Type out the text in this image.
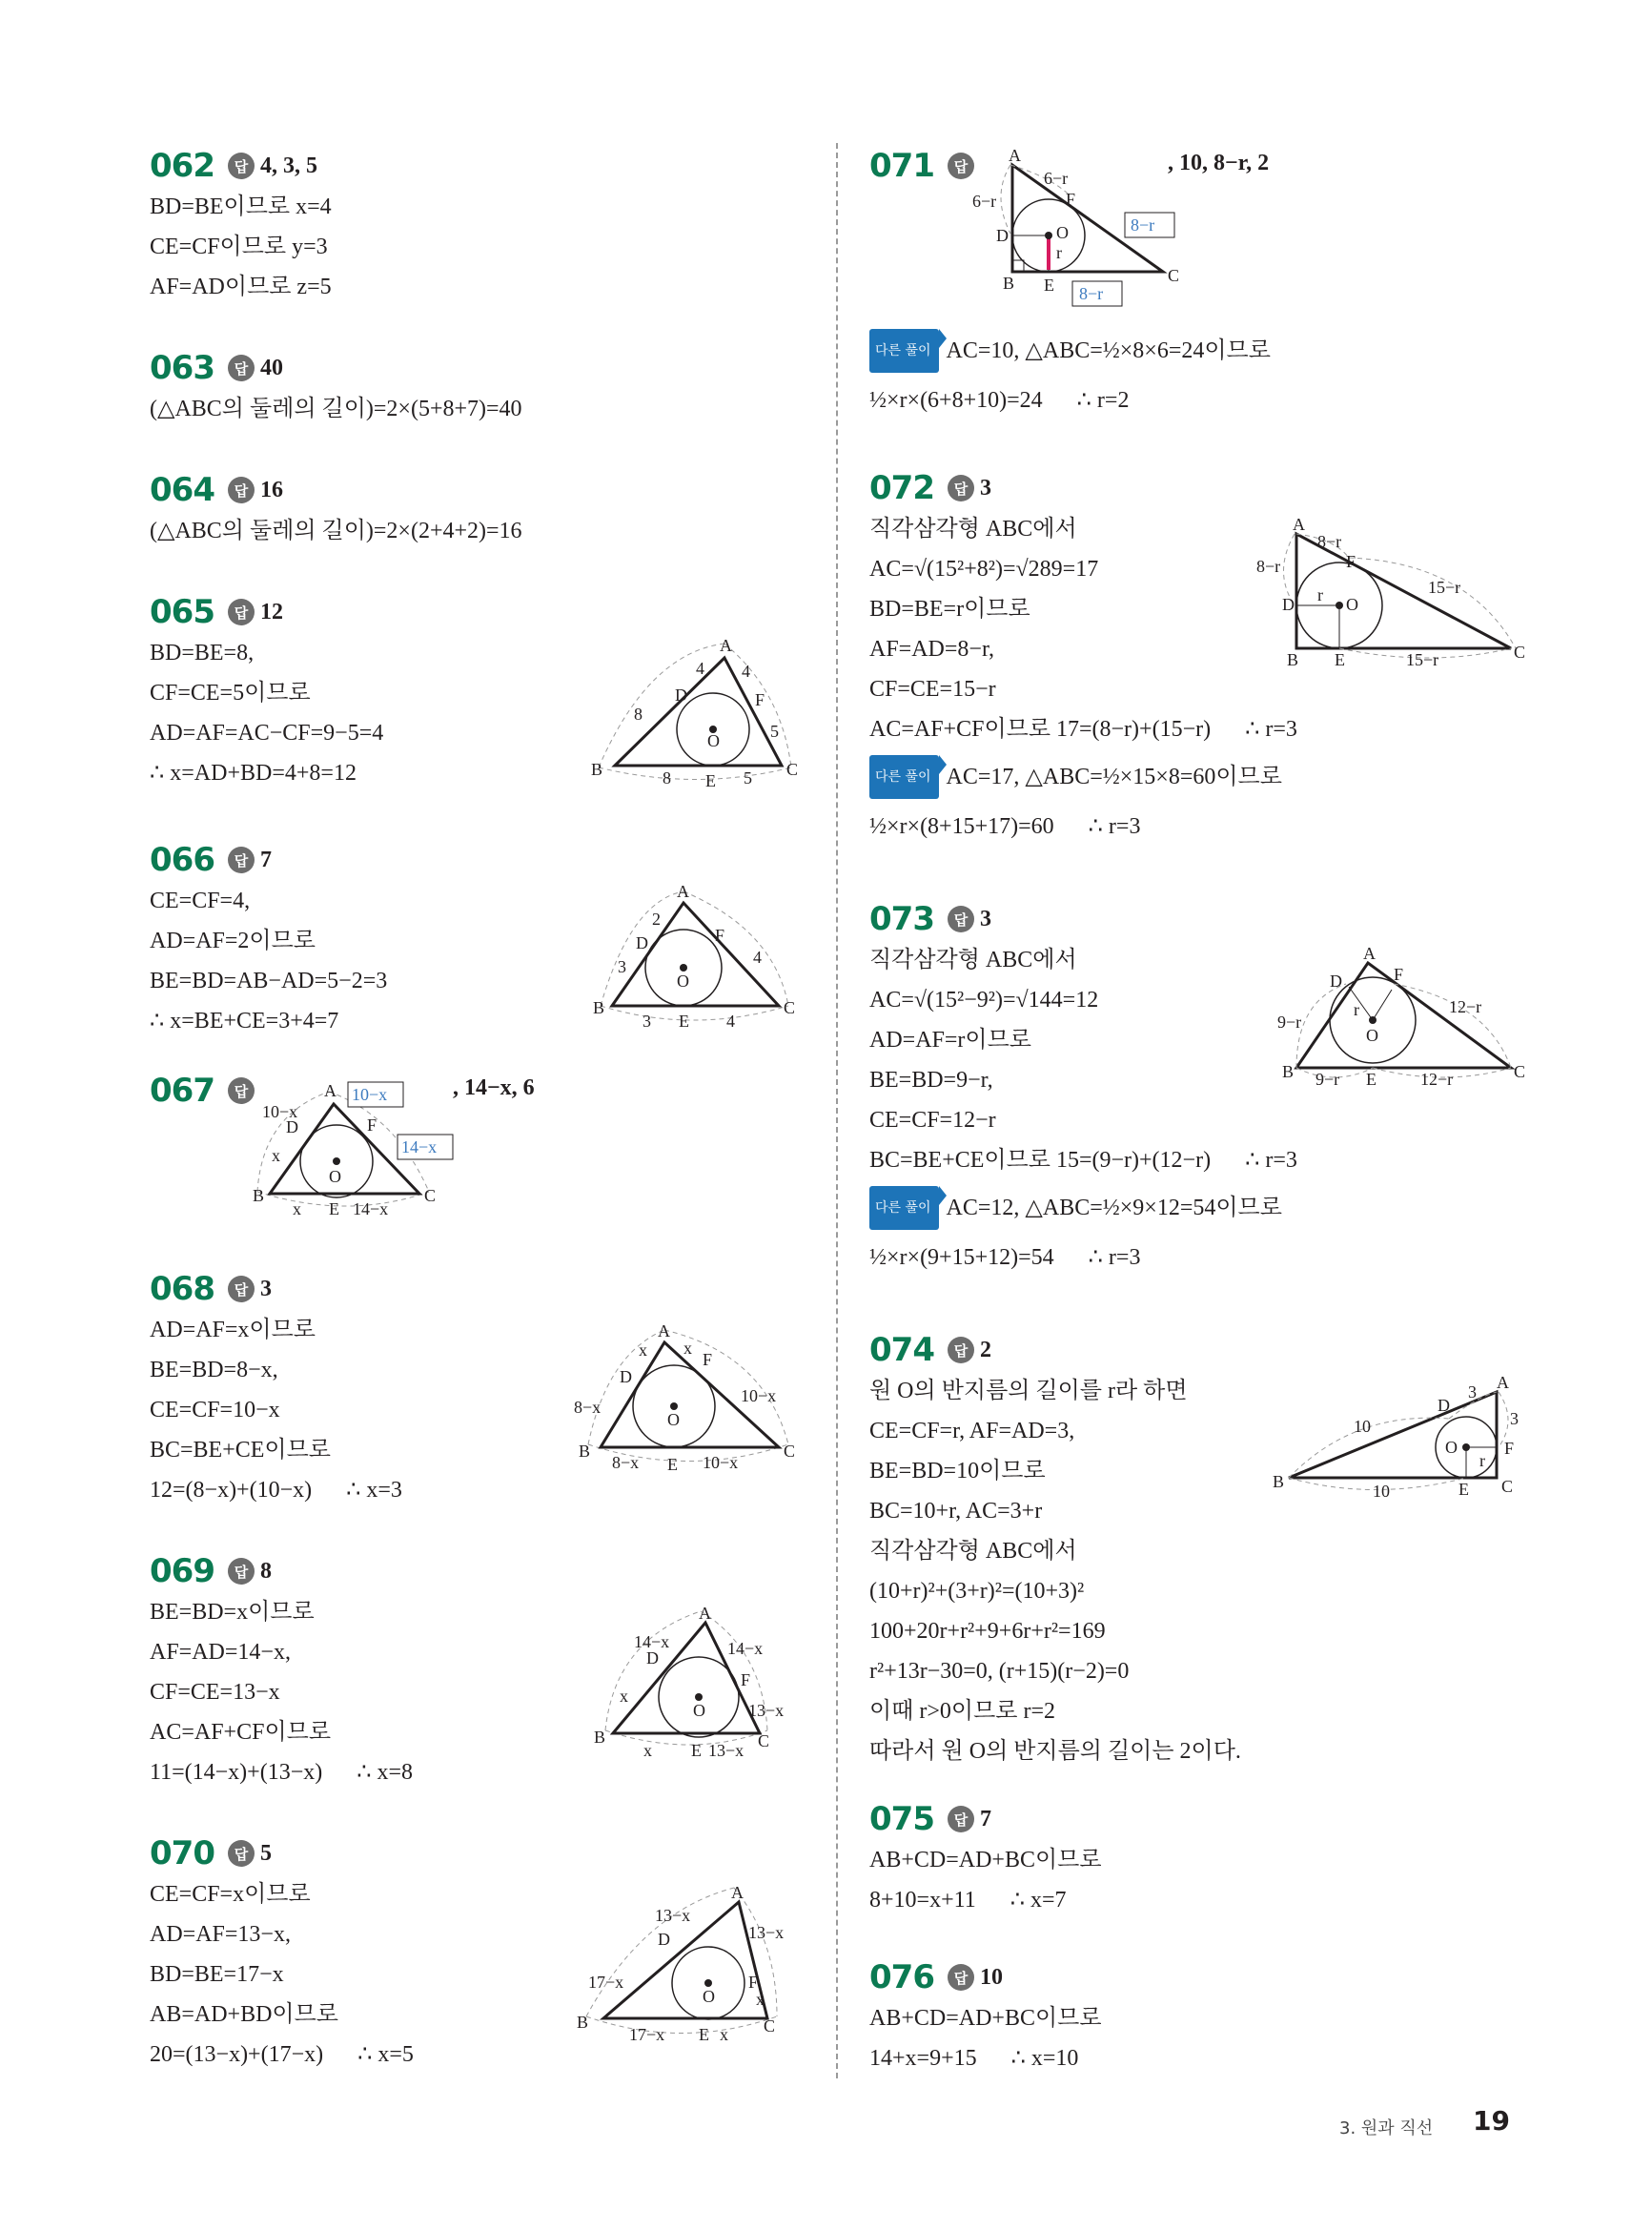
062	답 4, 3, 5
BD=BE이므로 x=4
CE=CF이므로 y=3
AF=AD이므로 z=5
063	답 40
(△ABC의 둘레의 길이)=2×(5+8+7)=40
064	답 16
(△ABC의 둘레의 길이)=2×(2+4+2)=16
065	답 12
BD=BE=8,
CF=CE=5이므로
AD=AF=AC−CF=9−5=4
∴ x=AD+BD=4+8=12
A
B	C
D
E
F
O
4 4
8
5
8	5
066	답 7
CE=CF=4,
AD=AF=2이므로
BE=BD=AB−AD=5−2=3
∴ x=BE+CE=3+4=7
A
B	C
D
E
F
O
2
3	4
3	4
067	답	, 14−x, 6
10−x
14−x
A
B	C
D
E
F
O
10−x
x
x	14−x
068	답 3
AD=AF=x이므로
BE=BD=8−x,
CE=CF=10−x
BC=BE+CE이므로
12=(8−x)+(10−x)      ∴ x=3
A
B	C
D
E
F
O
x x
8−x
10−x
8−x	10−x
069	답 8
BE=BD=x이므로
AF=AD=14−x,
CF=CE=13−x
AC=AF+CF이므로
11=(14−x)+(13−x)      ∴ x=8
A
B	C
D
E
F
O
14−x	14−x
x
13−x
x	13−x
070	답 5
CE=CF=x이므로
AD=AF=13−x,
BD=BE=17−x
AB=AD+BD이므로
20=(13−x)+(17−x)      ∴ x=5
A
B	C
D
E
F
O
13−x
13−x
17−x
x
17−x	x
071	답	, 10, 8−r, 2
8−r
8−r
A
B	C
D
E
F
O
6−r
6−r
r
다른 풀이 AC=10, △ABC=½×8×6=24이므로
½×r×(6+8+10)=24      ∴ r=2
072	답 3
직각삼각형 ABC에서
AC=√(15²+8²)=√289=17
BD=BE=r이므로
AF=AD=8−r,
CF=CE=15−r
AC=AF+CF이므로 17=(8−r)+(15−r)      ∴ r=3
다른 풀이 AC=17, △ABC=½×15×8=60이므로
½×r×(8+15+17)=60      ∴ r=3
A
B	C
D
E
F
O
8−r
8−r
15−r
15−r
r
073	답 3
직각삼각형 ABC에서
AC=√(15²−9²)=√144=12
AD=AF=r이므로
BE=BD=9−r,
CE=CF=12−r
BC=BE+CE이므로 15=(9−r)+(12−r)      ∴ r=3
다른 풀이 AC=12, △ABC=½×9×12=54이므로
½×r×(9+15+12)=54      ∴ r=3
A
B	C
D
E
F
O
9−r
9−r
12−r
12−r
r
074	답 2
원 O의 반지름의 길이를 r라 하면
CE=CF=r, AF=AD=3,
BE=BD=10이므로
BC=10+r, AC=3+r
직각삼각형 ABC에서
(10+r)²+(3+r)²=(10+3)²
100+20r+r²+9+6r+r²=169
r²+13r−30=0, (r+15)(r−2)=0
이때 r>0이므로 r=2
따라서 원 O의 반지름의 길이는 2이다.
A
B	C
D
E
F
O
3
3
10
10
r
075	답 7
AB+CD=AD+BC이므로
8+10=x+11      ∴ x=7
076	답 10
AB+CD=AD+BC이므로
14+x=9+15      ∴ x=10
3. 원과 직선 19
